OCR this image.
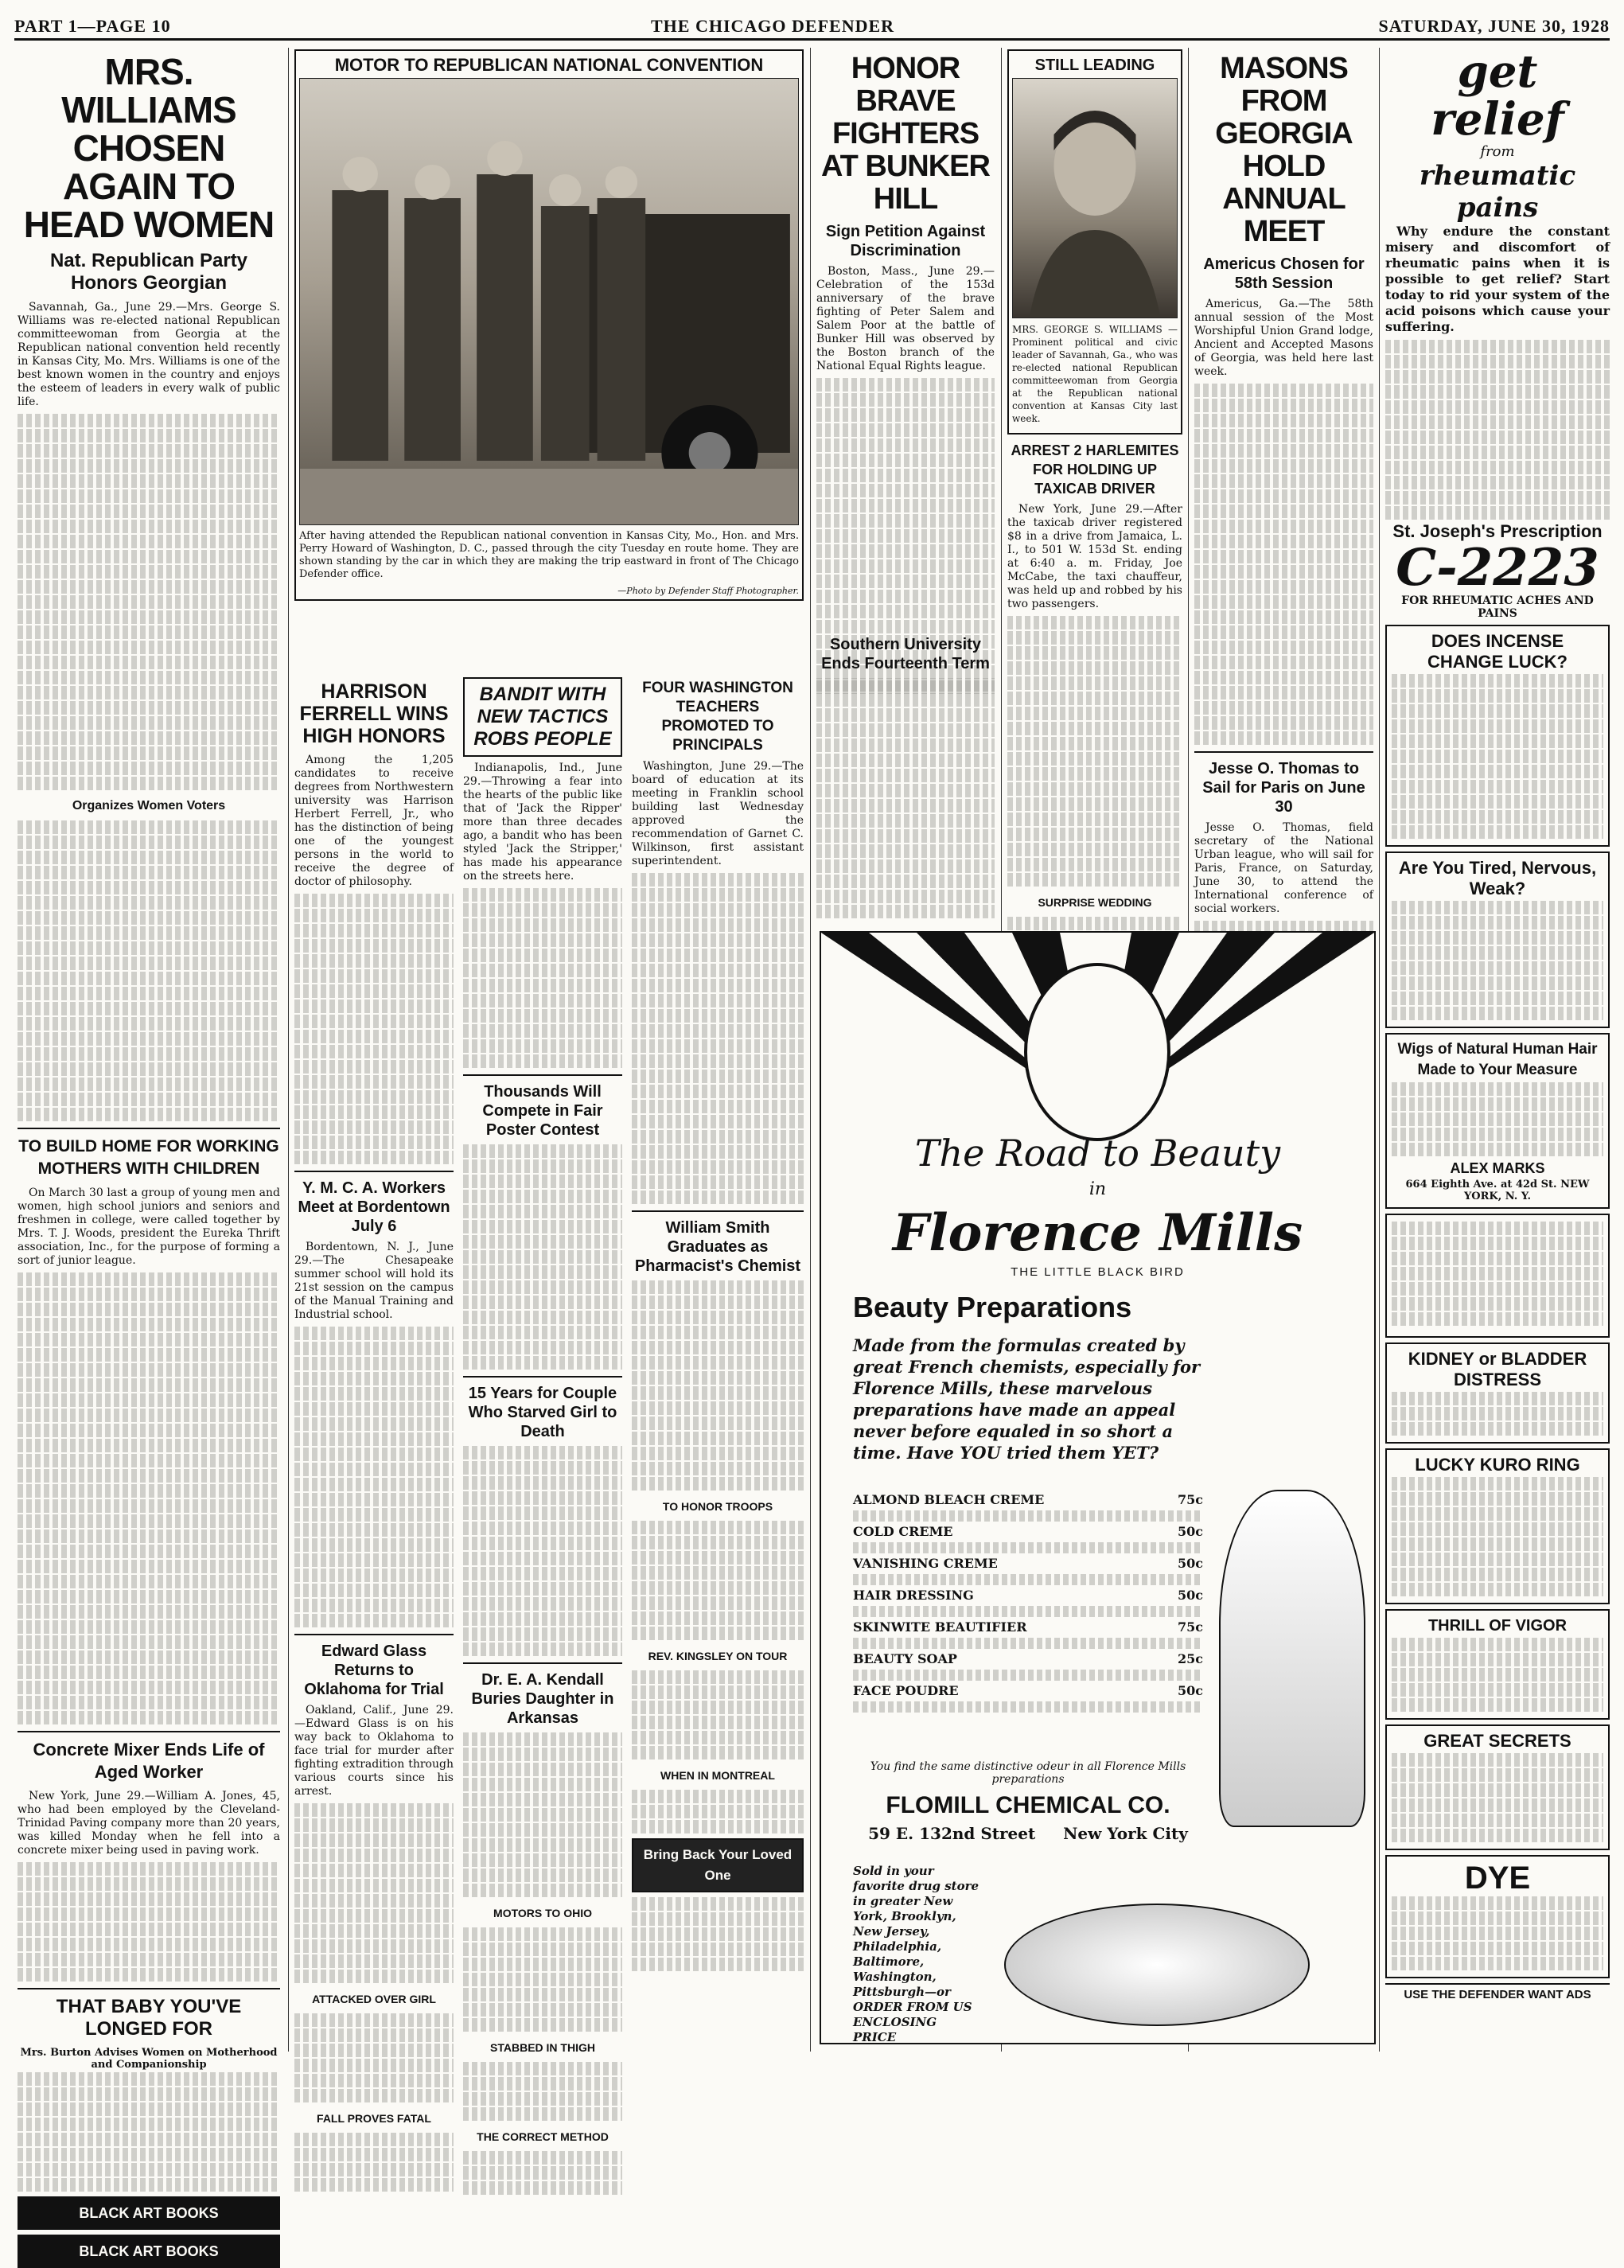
PART 1—PAGE 10	THE CHICAGO DEFENDER	SATURDAY, JUNE 30, 1928
MRS. WILLIAMS CHOSEN AGAIN TO HEAD WOMEN
Nat. Republican Party Honors Georgian

Savannah, Ga., June 29.—Mrs. George S. Williams was re-elected national Republican committeewoman from Georgia at the Republican national convention held recently in Kansas City, Mo. Mrs. Williams is one of the best known women in the country and enjoys the esteem of leaders in every walk of public life.

Organizes Women Voters
TO BUILD HOME FOR WORKING MOTHERS WITH CHILDREN

On March 30 last a group of young men and women, high school juniors and seniors and freshmen in college, were called together by Mrs. T. J. Woods, president the Eureka Thrift association, Inc., for the purpose of forming a sort of junior league.

Concrete Mixer Ends Life of Aged Worker

New York, June 29.—William A. Jones, 45, who had been employed by the Cleveland-Trinidad Paving company more than 20 years, was killed Monday when he fell into a concrete mixer being used in paving work.

THAT BABY YOU'VE LONGED FOR
Mrs. Burton Advises Women on Motherhood and Companionship
BLACK ART BOOKS
BLACK ART BOOKS
MOTOR TO REPUBLICAN NATIONAL CONVENTION
After having attended the Republican national convention in Kansas City, Mo., Hon. and Mrs. Perry Howard of Washington, D. C., passed through the city Tuesday en route home. They are shown standing by the car in which they are making the trip eastward in front of The Chicago Defender office.
—Photo by Defender Staff Photographer.
HARRISON FERRELL WINS HIGH HONORS

Among the 1,205 candidates to receive degrees from Northwestern university was Harrison Herbert Ferrell, Jr., who has the distinction of being one of the youngest persons in the world to receive the degree of doctor of philosophy.

Y. M. C. A. Workers Meet at Bordentown July 6

Bordentown, N. J., June 29.—The Chesapeake summer school will hold its 21st session on the campus of the Manual Training and Industrial school.

Edward Glass Returns to Oklahoma for Trial

Oakland, Calif., June 29.—Edward Glass is on his way back to Oklahoma to face trial for murder after fighting extradition through various courts since his arrest.

ATTACKED OVER GIRL
FALL PROVES FATAL
BANDIT WITH NEW TACTICS ROBS PEOPLE

Indianapolis, Ind., June 29.—Throwing a fear into the hearts of the public like that of 'Jack the Ripper' more than three decades ago, a bandit who has been styled 'Jack the Stripper,' has made his appearance on the streets here.

Thousands Will Compete in Fair Poster Contest
15 Years for Couple Who Starved Girl to Death
Dr. E. A. Kendall Buries Daughter in Arkansas
MOTORS TO OHIO
STABBED IN THIGH
THE CORRECT METHOD
FOUR WASHINGTON TEACHERS PROMOTED TO PRINCIPALS

Washington, June 29.—The board of education at its meeting in Franklin school building last Wednesday approved the recommendation of Garnet C. Wilkinson, first assistant superintendent.

William Smith Graduates as Pharmacist's Chemist
TO HONOR TROOPS
REV. KINGSLEY ON TOUR
WHEN IN MONTREAL
Bring Back Your Loved One
HONOR BRAVE FIGHTERS AT BUNKER HILL
Sign Petition Against Discrimination

Boston, Mass., June 29.—Celebration of the 153d anniversary of the brave fighting of Peter Salem and Salem Poor at the battle of Bunker Hill was observed by the Boston branch of the National Equal Rights league.

STILL LEADING
MRS. GEORGE S. WILLIAMS — Prominent political and civic leader of Savannah, Ga., who was re-elected national Republican committeewoman from Georgia at the Republican national convention at Kansas City last week.
ARREST 2 HARLEMITES FOR HOLDING UP TAXICAB DRIVER

New York, June 29.—After the taxicab driver registered $8 in a drive from Jamaica, L. I., to 501 W. 153d St. ending at 6:40 a. m. Friday, Joe McCabe, the taxi chauffeur, was held up and robbed by his two passengers.

SURPRISE WEDDING
Southern University Ends Fourteenth Term
MASONS FROM GEORGIA HOLD ANNUAL MEET
Americus Chosen for 58th Session

Americus, Ga.—The 58th annual session of the Most Worshipful Union Grand lodge, Ancient and Accepted Masons of Georgia, was held here last week.

Jesse O. Thomas to Sail for Paris on June 30

Jesse O. Thomas, field secretary of the National Urban league, who will sail for Paris, France, on Saturday, June 30, to attend the International conference of social workers.

The Road to Beauty
in
Florence Mills
THE LITTLE BLACK BIRD
Beauty Preparations
Made from the formulas created by great French chemists, especially for Florence Mills, these marvelous preparations have made an appeal never before equaled in so short a time. Have YOU tried them YET?
ALMOND BLEACH CREME	75c
COLD CREME	50c
VANISHING CREME	50c
HAIR DRESSING	50c
SKINWITE BEAUTIFIER	75c
BEAUTY SOAP	25c
FACE POUDRE	50c
You find the same distinctive odeur in all Florence Mills preparations
FLOMILL CHEMICAL CO.
59 E. 132nd Street     New York City
Sold in your favorite drug store in greater New York, Brooklyn, New Jersey, Philadelphia, Baltimore, Washington, Pittsburgh—or ORDER FROM US ENCLOSING PRICE
get relief
from
rheumatic pains

Why endure the constant misery and discomfort of rheumatic pains when it is possible to get relief? Start today to rid your system of the acid poisons which cause your suffering.

St. Joseph's Prescription
C-2223
FOR RHEUMATIC ACHES AND PAINS
DOES INCENSE CHANGE LUCK?
Are You Tired, Nervous, Weak?
Wigs of Natural Human Hair Made to Your Measure
ALEX MARKS
664 Eighth Ave. at 42d St. NEW YORK, N. Y.
KIDNEY or BLADDER DISTRESS
LUCKY KURO RING
THRILL OF VIGOR
GREAT SECRETS
DYE
USE THE DEFENDER WANT ADS
